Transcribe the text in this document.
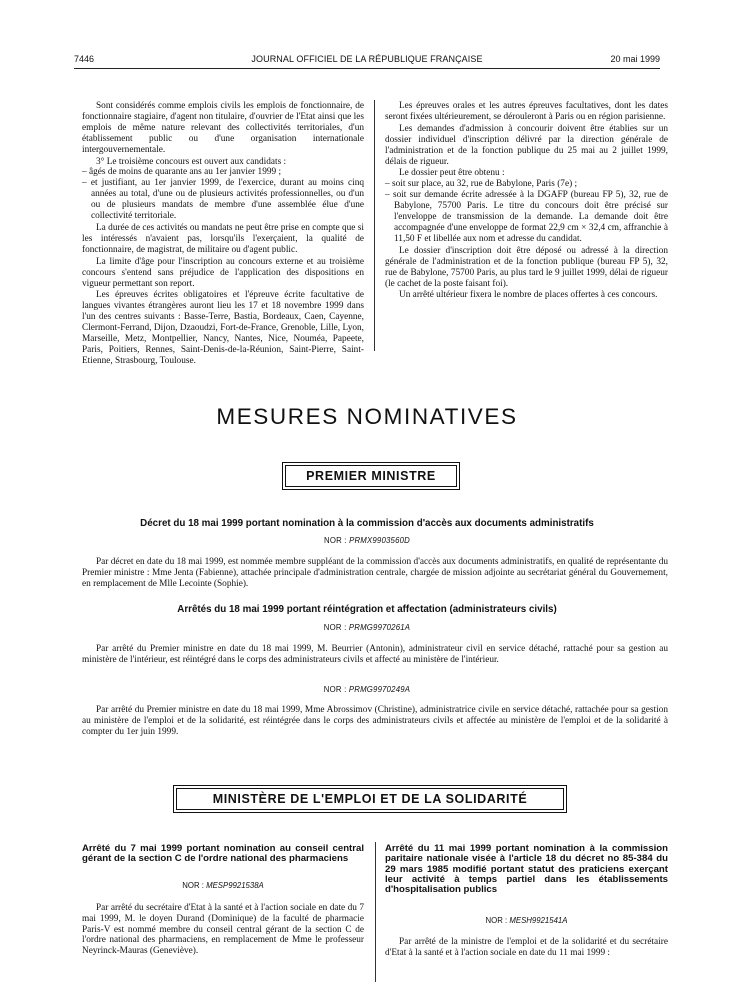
7446	JOURNAL OFFICIEL DE LA RÉPUBLIQUE FRANÇAISE	20 mai 1999

Sont considérés comme emplois civils les emplois de fonctionnaire, de fonctionnaire stagiaire, d'agent non titulaire, d'ouvrier de l'Etat ainsi que les emplois de même nature relevant des collectivités territoriales, d'un établissement public ou d'une organisation internationale intergouvernementale.

3° Le troisième concours est ouvert aux candidats :

– âgés de moins de quarante ans au 1er janvier 1999 ;

– et justifiant, au 1er janvier 1999, de l'exercice, durant au moins cinq années au total, d'une ou de plusieurs activités professionnelles, ou d'un ou de plusieurs mandats de membre d'une assemblée élue d'une collectivité territoriale.

La durée de ces activités ou mandats ne peut être prise en compte que si les intéressés n'avaient pas, lorsqu'ils l'exerçaient, la qualité de fonctionnaire, de magistrat, de militaire ou d'agent public.

La limite d'âge pour l'inscription au concours externe et au troisième concours s'entend sans préjudice de l'application des dispositions en vigueur permettant son report.

Les épreuves écrites obligatoires et l'épreuve écrite facultative de langues vivantes étrangères auront lieu les 17 et 18 novembre 1999 dans l'un des centres suivants : Basse-Terre, Bastia, Bordeaux, Caen, Cayenne, Clermont-Ferrand, Dijon, Dzaoudzi, Fort-de-France, Grenoble, Lille, Lyon, Marseille, Metz, Montpellier, Nancy, Nantes, Nice, Nouméa, Papeete, Paris, Poitiers, Rennes, Saint-Denis-de-la-Réunion, Saint-Pierre, Saint-Etienne, Strasbourg, Toulouse.

Les épreuves orales et les autres épreuves facultatives, dont les dates seront fixées ultérieurement, se dérouleront à Paris ou en région parisienne.

Les demandes d'admission à concourir doivent être établies sur un dossier individuel d'inscription délivré par la direction générale de l'administration et de la fonction publique du 25 mai au 2 juillet 1999, délais de rigueur.

Le dossier peut être obtenu :

– soit sur place, au 32, rue de Babylone, Paris (7e) ;

– soit sur demande écrite adressée à la DGAFP (bureau FP 5), 32, rue de Babylone, 75700 Paris. Le titre du concours doit être précisé sur l'enveloppe de transmission de la demande. La demande doit être accompagnée d'une enveloppe de format 22,9 cm × 32,4 cm, affranchie à 11,50 F et libellée aux nom et adresse du candidat.

Le dossier d'inscription doit être déposé ou adressé à la direction générale de l'administration et de la fonction publique (bureau FP 5), 32, rue de Babylone, 75700 Paris, au plus tard le 9 juillet 1999, délai de rigueur (le cachet de la poste faisant foi).

Un arrêté ultérieur fixera le nombre de places offertes à ces concours.

MESURES NOMINATIVES
PREMIER MINISTRE
Décret du 18 mai 1999 portant nomination à la commission d'accès aux documents administratifs
NOR : PRMX9903560D

Par décret en date du 18 mai 1999, est nommée membre suppléant de la commission d'accès aux documents administratifs, en qualité de représentante du Premier ministre : Mme Jenta (Fabienne), attachée principale d'administration centrale, chargée de mission adjointe au secrétariat général du Gouvernement, en remplacement de Mlle Lecointe (Sophie).

Arrêtés du 18 mai 1999 portant réintégration et affectation (administrateurs civils)
NOR : PRMG9970261A

Par arrêté du Premier ministre en date du 18 mai 1999, M. Beurrier (Antonin), administrateur civil en service détaché, rattaché pour sa gestion au ministère de l'intérieur, est réintégré dans le corps des administrateurs civils et affecté au ministère de l'intérieur.

NOR : PRMG9970249A

Par arrêté du Premier ministre en date du 18 mai 1999, Mme Abrossimov (Christine), administratrice civile en service détaché, rattachée pour sa gestion au ministère de l'emploi et de la solidarité, est réintégrée dans le corps des administrateurs civils et affectée au ministère de l'emploi et de la solidarité à compter du 1er juin 1999.

MINISTÈRE DE L'EMPLOI ET DE LA SOLIDARITÉ
Arrêté du 7 mai 1999 portant nomination au conseil central gérant de la section C de l'ordre national des pharmaciens
NOR : MESP9921538A

Par arrêté du secrétaire d'Etat à la santé et à l'action sociale en date du 7 mai 1999, M. le doyen Durand (Dominique) de la faculté de pharmacie Paris-V est nommé membre du conseil central gérant de la section C de l'ordre national des pharmaciens, en remplacement de Mme le professeur Neyrinck-Mauras (Geneviève).

Arrêté du 11 mai 1999 portant nomination à la commission paritaire nationale visée à l'article 18 du décret no 85-384 du 29 mars 1985 modifié portant statut des praticiens exerçant leur activité à temps partiel dans les établissements d'hospitalisation publics
NOR : MESH9921541A

Par arrêté de la ministre de l'emploi et de la solidarité et du secrétaire d'Etat à la santé et à l'action sociale en date du 11 mai 1999 :
